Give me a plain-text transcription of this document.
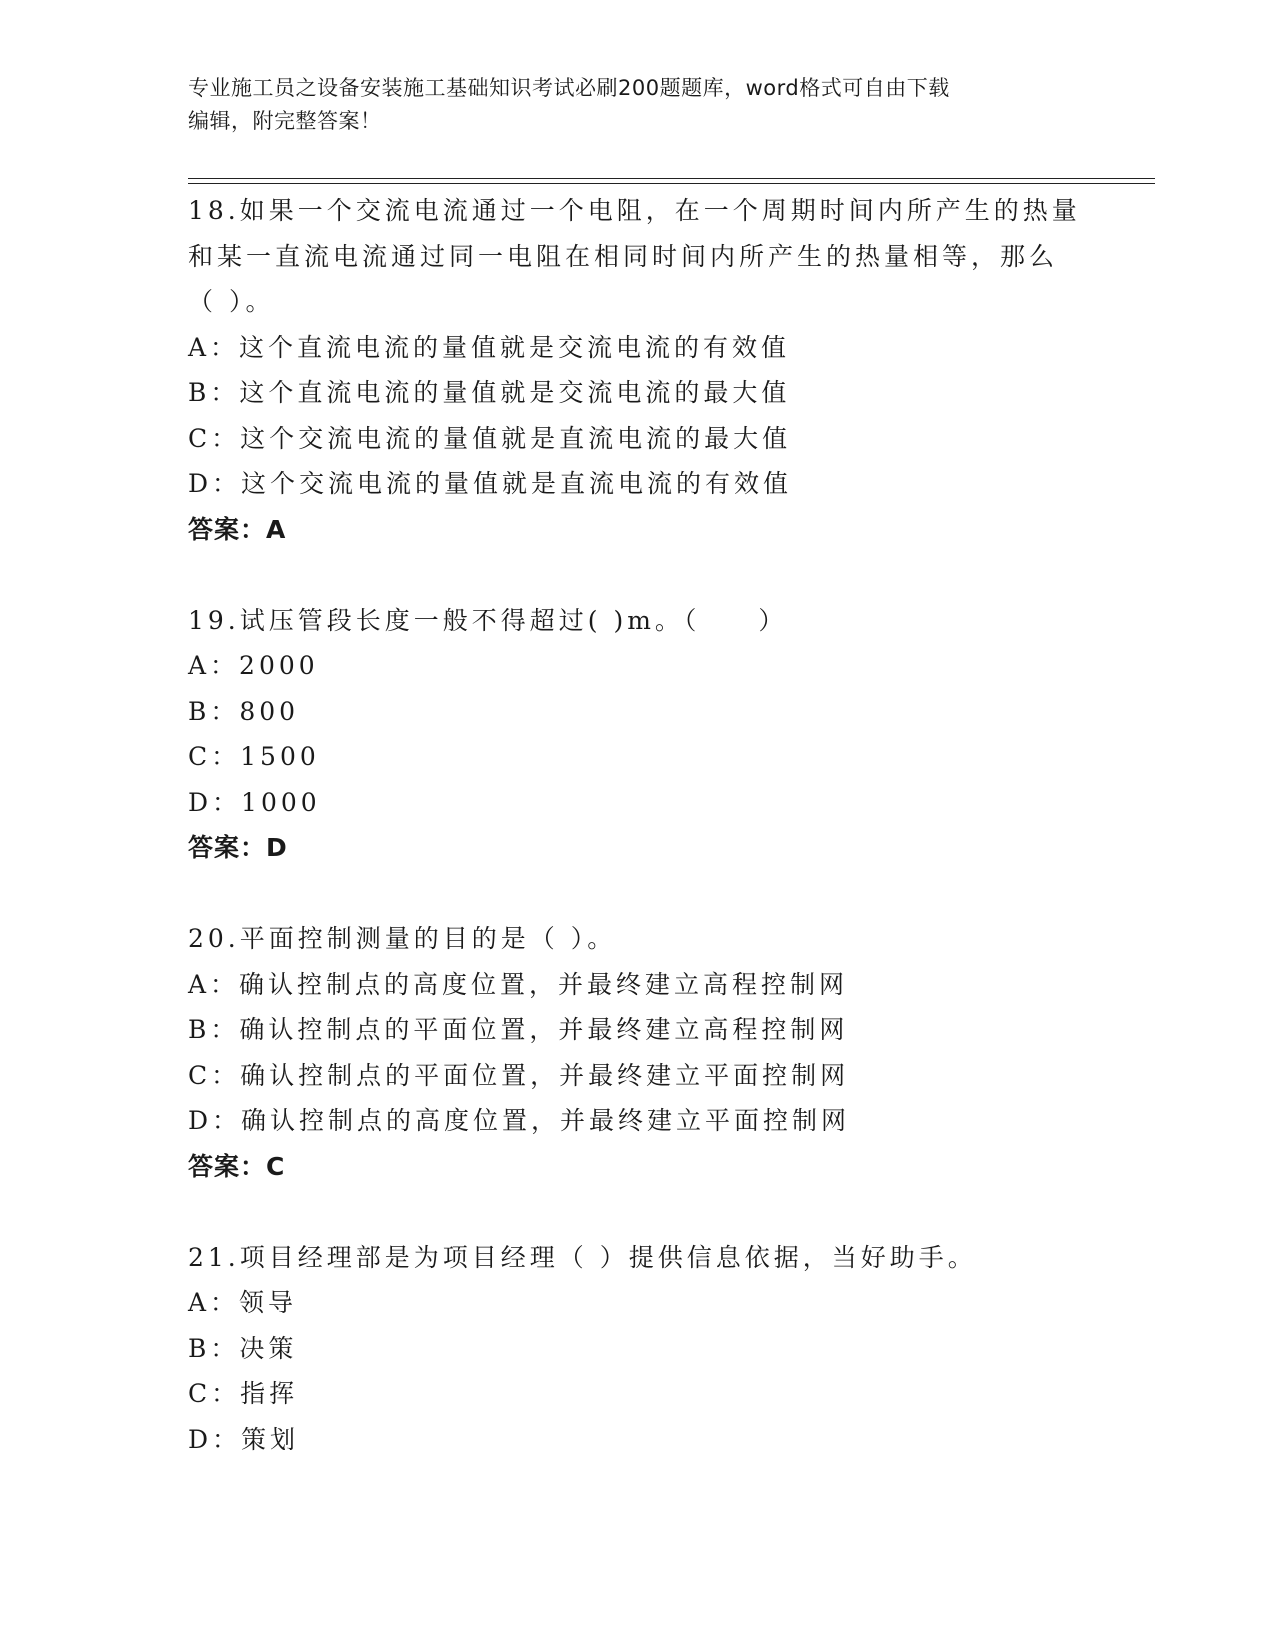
专业施工员之设备安装施工基础知识考试必刷200题题库，word格式可自由下载
编辑，附完整答案！
18.如果一个交流电流通过一个电阻，在一个周期时间内所产生的热量
和某一直流电流通过同一电阻在相同时间内所产生的热量相等，那么
（ ）。
A：这个直流电流的量值就是交流电流的有效值
B：这个直流电流的量值就是交流电流的最大值
C：这个交流电流的量值就是直流电流的最大值
D：这个交流电流的量值就是直流电流的有效值
答案：A
19.试压管段长度一般不得超过( )m。（　　）
A：2000
B：800
C：1500
D：1000
答案：D
20.平面控制测量的目的是（ ）。
A：确认控制点的高度位置，并最终建立高程控制网
B：确认控制点的平面位置，并最终建立高程控制网
C：确认控制点的平面位置，并最终建立平面控制网
D：确认控制点的高度位置，并最终建立平面控制网
答案：C
21.项目经理部是为项目经理（ ）提供信息依据，当好助手。
A：领导
B：决策
C：指挥
D：策划
